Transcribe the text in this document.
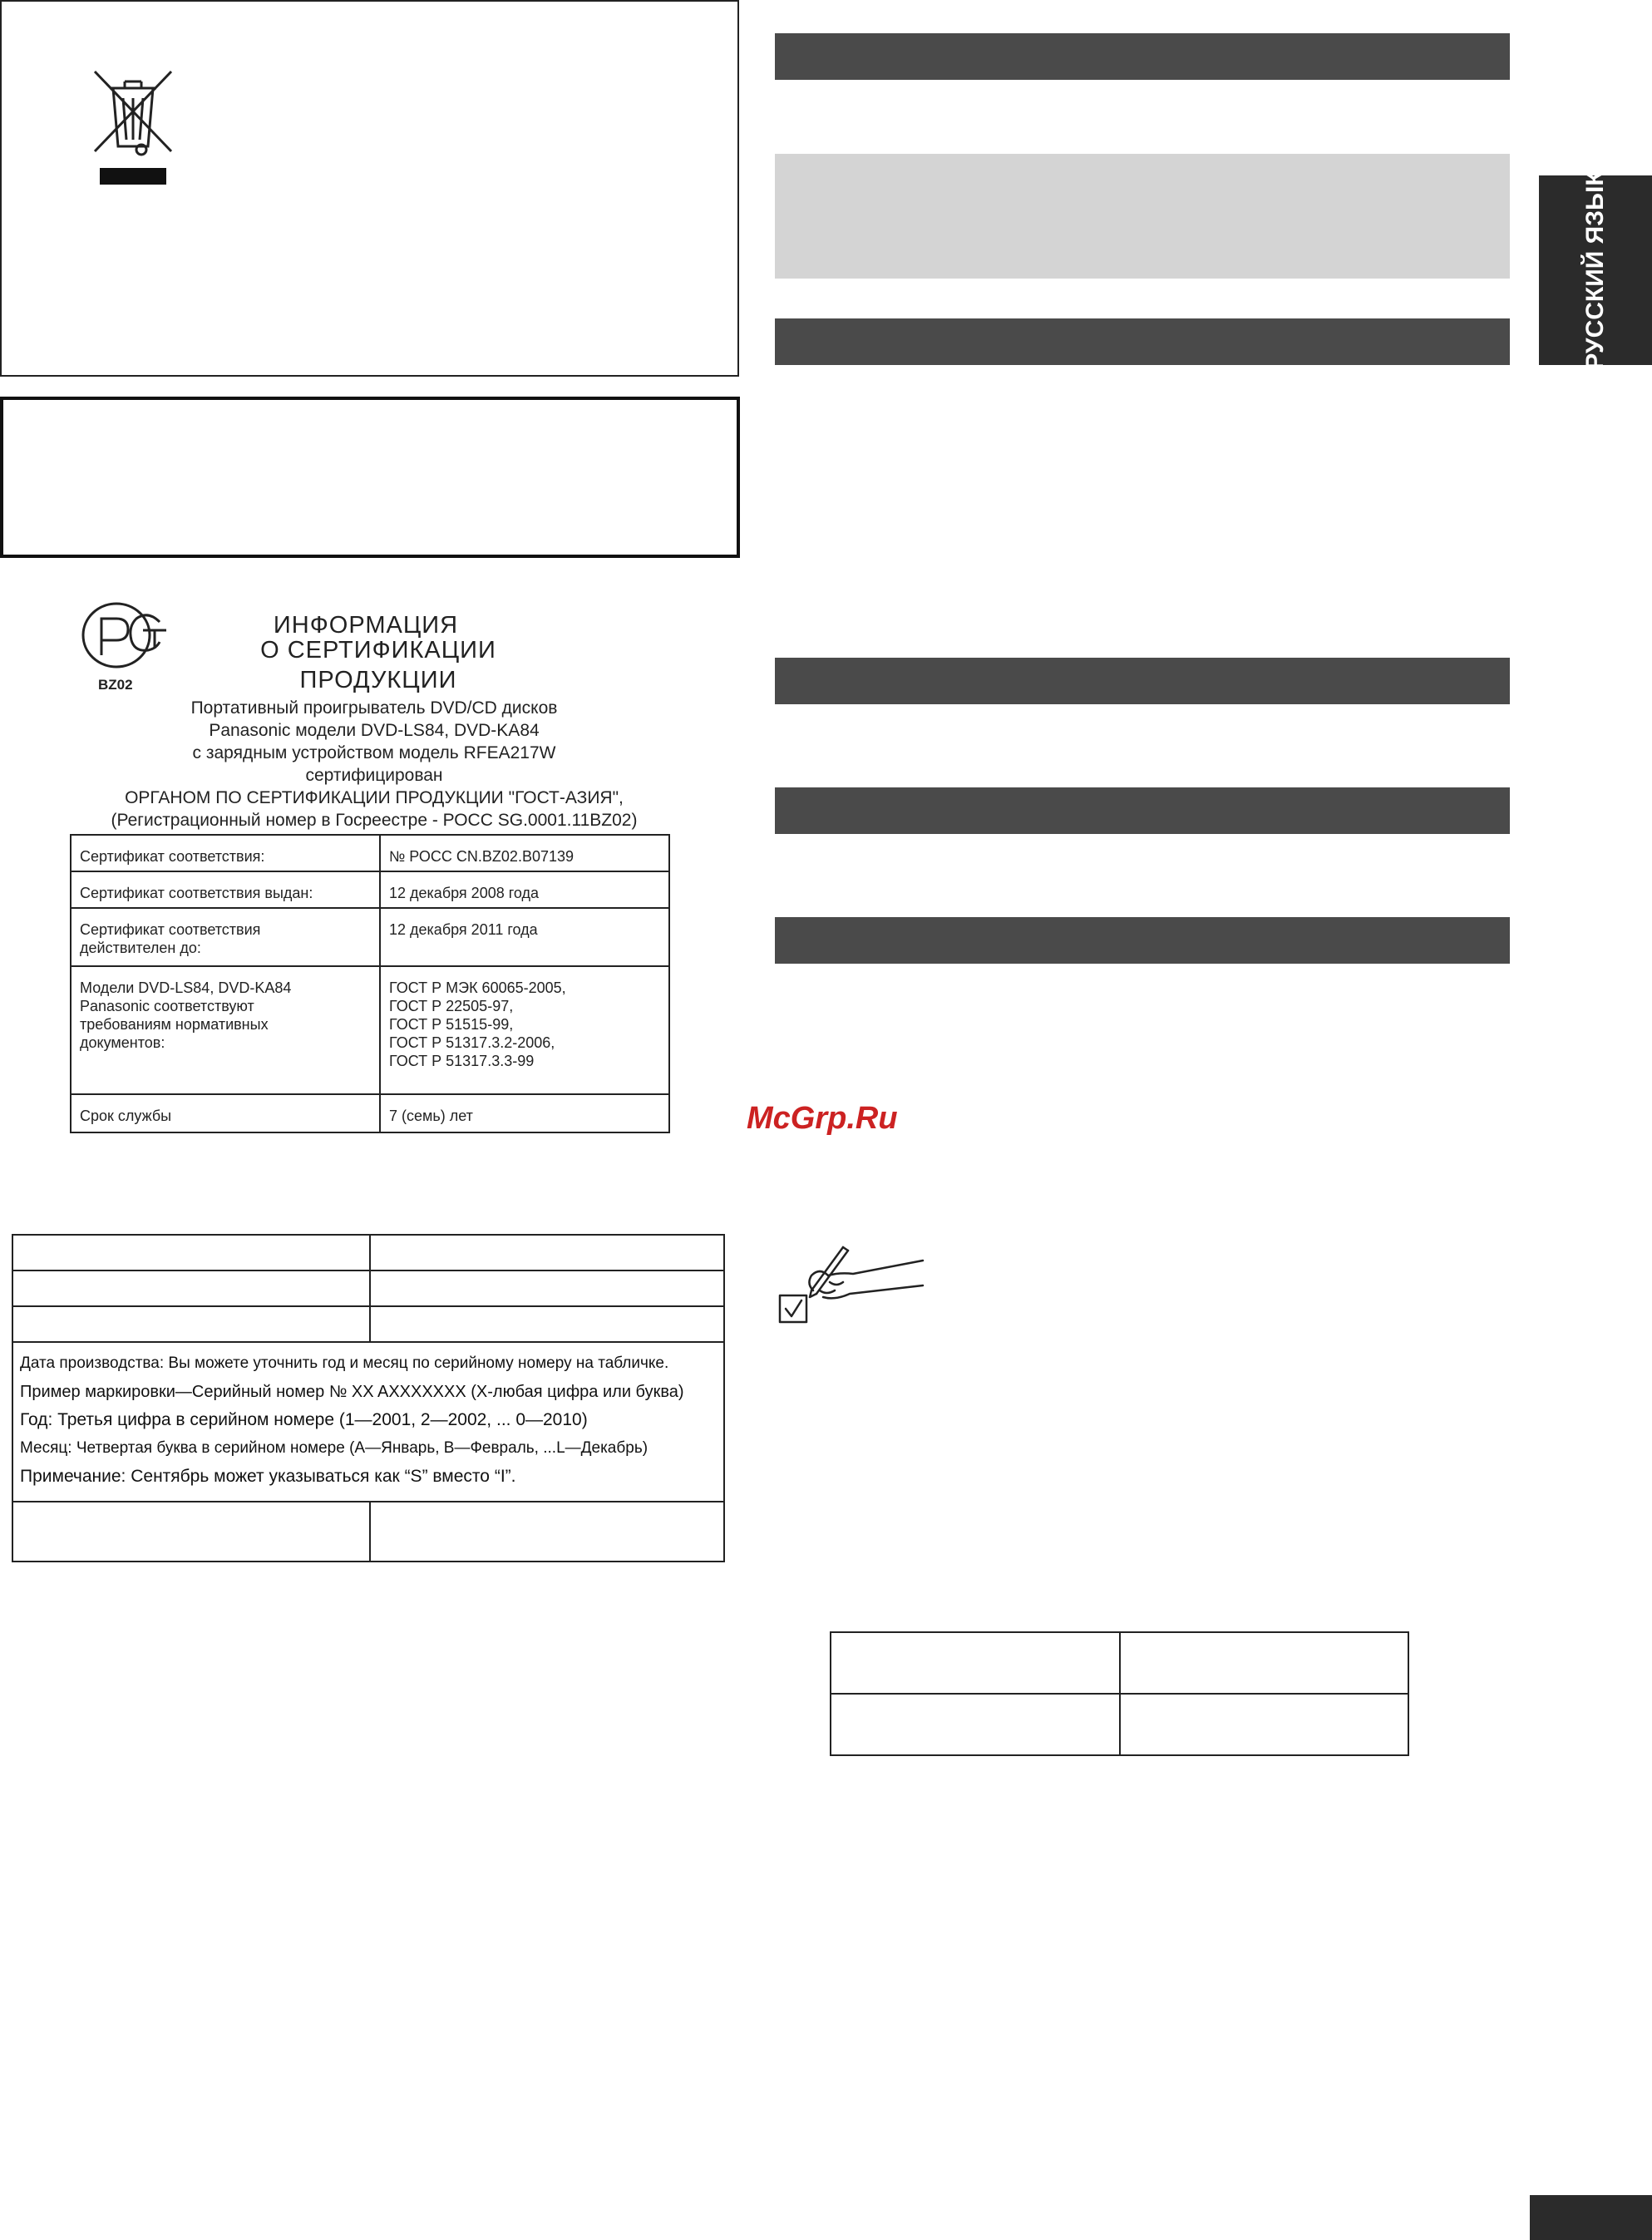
BZ02
ИНФОРМАЦИЯ
О СЕРТИФИКАЦИИ ПРОДУКЦИИ
Портативный проигрыватель DVD/CD дисков
Panasonic модели DVD-LS84, DVD-KA84
с зарядным устройством модель RFEA217W
сертифицирован
ОРГАНОМ ПО СЕРТИФИКАЦИИ ПРОДУКЦИИ "ГОСТ-АЗИЯ",
(Регистрационный номер в Госреестре - РОСС SG.0001.11BZ02)
Сертификат соответствия:	№ РОСС CN.BZ02.B07139
Сертификат соответствия выдан:	12 декабря 2008 года
Сертификат соответствия
действителен до:	12 декабря 2011 года
Модели DVD-LS84, DVD-KA84
Panasonic соответствуют
требованиям нормативных
документов:	ГОСТ Р МЭК 60065-2005,
ГОСТ Р 22505-97,
ГОСТ Р 51515-99,
ГОСТ Р 51317.3.2-2006,
ГОСТ Р 51317.3.3-99
Срок службы	7 (семь) лет

Дата производства: Вы можете уточнить год и месяц по серийному номеру на табличке.
Пример маркировки—Серийный номер № XX AXXXXXXX (X-любая цифра или буква)
Год: Третья цифра в серийном номере (1—2001, 2—2002, ... 0—2010)
Месяц: Четвертая буква в серийном номере (A—Январь, B—Февраль, ...L—Декабрь)
Примечание: Сентябрь может указываться как “S” вместо “I”.	

McGrp.Ru

РУССКИЙ ЯЗЫК
